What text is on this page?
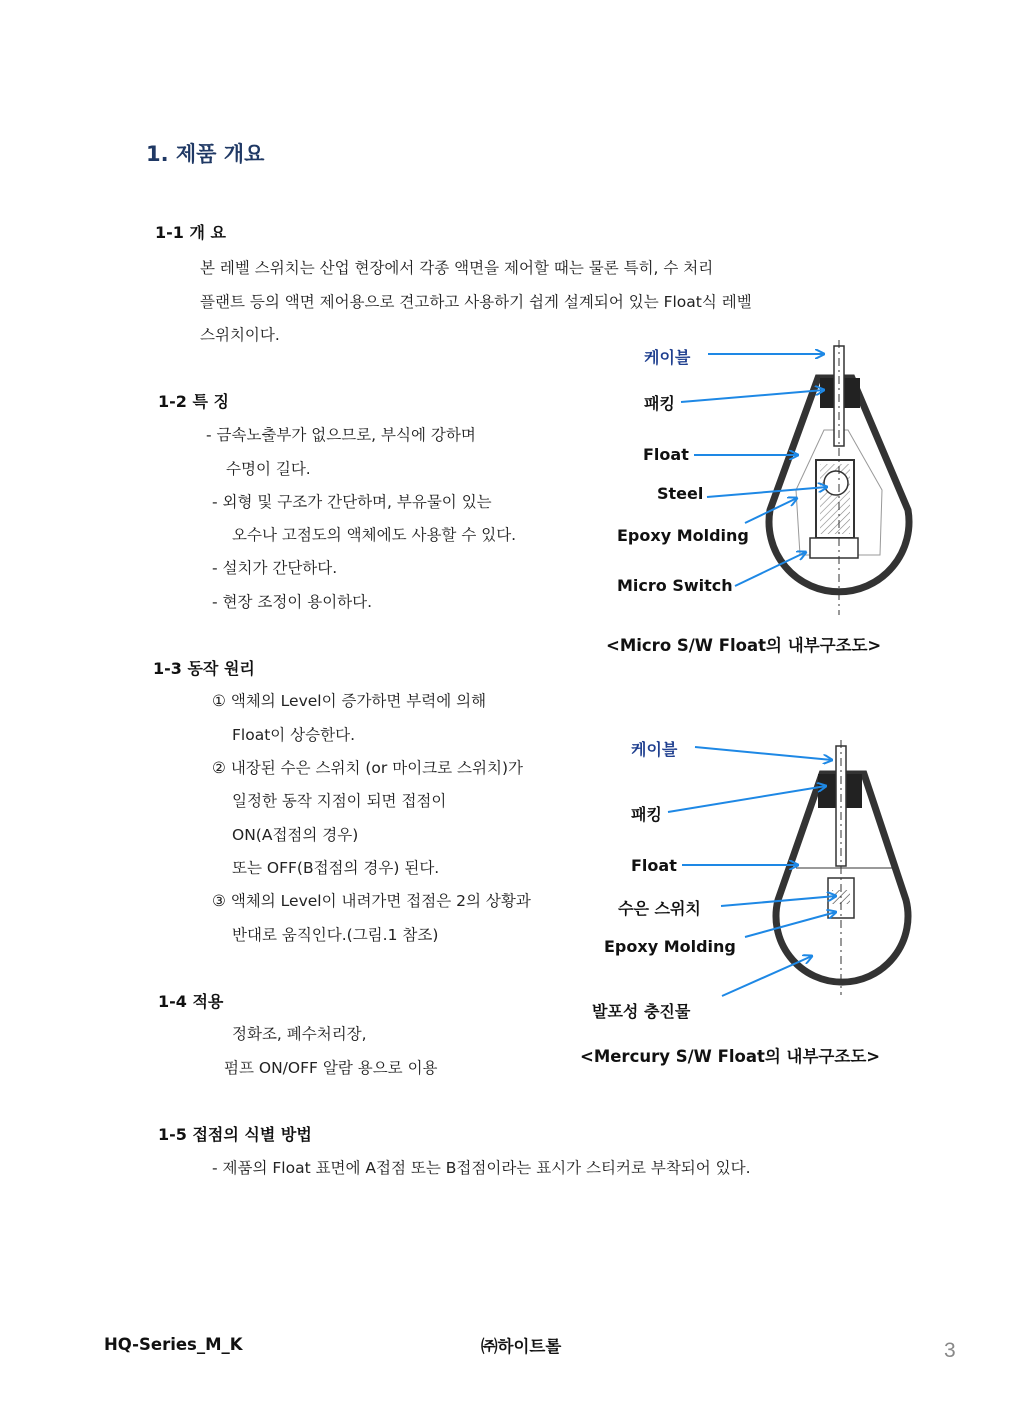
1. 제품 개요
1-1 개 요
본 레벨 스위치는 산업 현장에서 각종 액면을 제어할 때는 물론 특히, 수 처리
플랜트 등의 액면 제어용으로 견고하고 사용하기 쉽게 설계되어 있는 Float식 레벨
스위치이다.
1-2 특 징
- 금속노출부가 없으므로, 부식에 강하며
수명이 길다.
- 외형 및 구조가 간단하며, 부유물이 있는
오수나 고점도의 액체에도 사용할 수 있다.
- 설치가 간단하다.
- 현장 조정이 용이하다.
1-3 동작 원리
① 액체의 Level이 증가하면 부력에 의해
Float이 상승한다.
② 내장된 수은 스위치 (or 마이크로 스위치)가
일정한 동작 지점이 되면 접점이
ON(A접점의 경우)
또는 OFF(B접점의 경우) 된다.
③ 액체의 Level이 내려가면 접점은 2의 상황과
반대로 움직인다.(그림.1 참조)
1-4 적용
정화조, 폐수처리장,
펌프 ON/OFF 알람 용으로 이용
1-5 접점의 식별 방법
- 제품의 Float 표면에 A접점 또는 B접점이라는 표시가 스티커로 부착되어 있다.
케이블
패킹
Float
Steel
Epoxy Molding
Micro Switch
<Micro S/W Float의 내부구조도>
케이블
패킹
Float
수은 스위치
Epoxy Molding
발포성 충진물
<Mercury S/W Float의 내부구조도>
HQ-Series_M_K	㈜하이트롤	3
